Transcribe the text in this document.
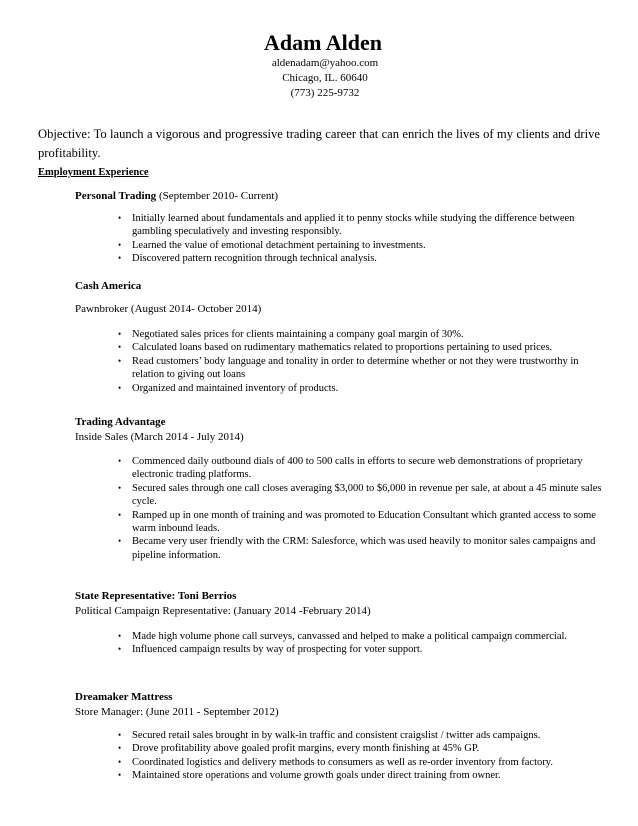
Adam Alden
aldenadam@yahoo.com
Chicago, IL. 60640
(773) 225-9732
Objective: To launch a vigorous and progressive trading career that can enrich the lives of my clients and drive profitability.
Employment Experience
Personal Trading (September 2010- Current)
• Initially learned about fundamentals and applied it to penny stocks while studying the difference between gambling speculatively and investing responsibly.
• Learned the value of emotional detachment pertaining to investments.
• Discovered pattern recognition through technical analysis.
Cash America
Pawnbroker (August 2014- October 2014)
• Negotiated sales prices for clients maintaining a company goal margin of 30%.
• Calculated loans based on rudimentary mathematics related to proportions pertaining to used prices.
• Read customers’ body language and tonality in order to determine whether or not they were trustworthy in relation to giving out loans
• Organized and maintained inventory of products.
Trading Advantage
Inside Sales (March 2014 - July 2014)
• Commenced daily outbound dials of 400 to 500 calls in efforts to secure web demonstrations of proprietary electronic trading platforms.
• Secured sales through one call closes averaging $3,000 to $6,000 in revenue per sale, at about a 45 minute sales cycle.
• Ramped up in one month of training and was promoted to Education Consultant which granted access to some warm inbound leads.
• Became very user friendly with the CRM: Salesforce, which was used heavily to monitor sales campaigns and pipeline information.
State Representative: Toni Berrios
Political Campaign Representative: (January 2014 -February 2014)
• Made high volume phone call surveys, canvassed and helped to make a political campaign commercial.
• Influenced campaign results by way of prospecting for voter support.
Dreamaker Mattress
Store Manager: (June 2011 - September 2012)
• Secured retail sales brought in by walk-in traffic and consistent craigslist / twitter ads campaigns.
• Drove profitability above goaled profit margins, every month finishing at 45% GP.
• Coordinated logistics and delivery methods to consumers as well as re-order inventory from factory.
• Maintained store operations and volume growth goals under direct training from owner.
